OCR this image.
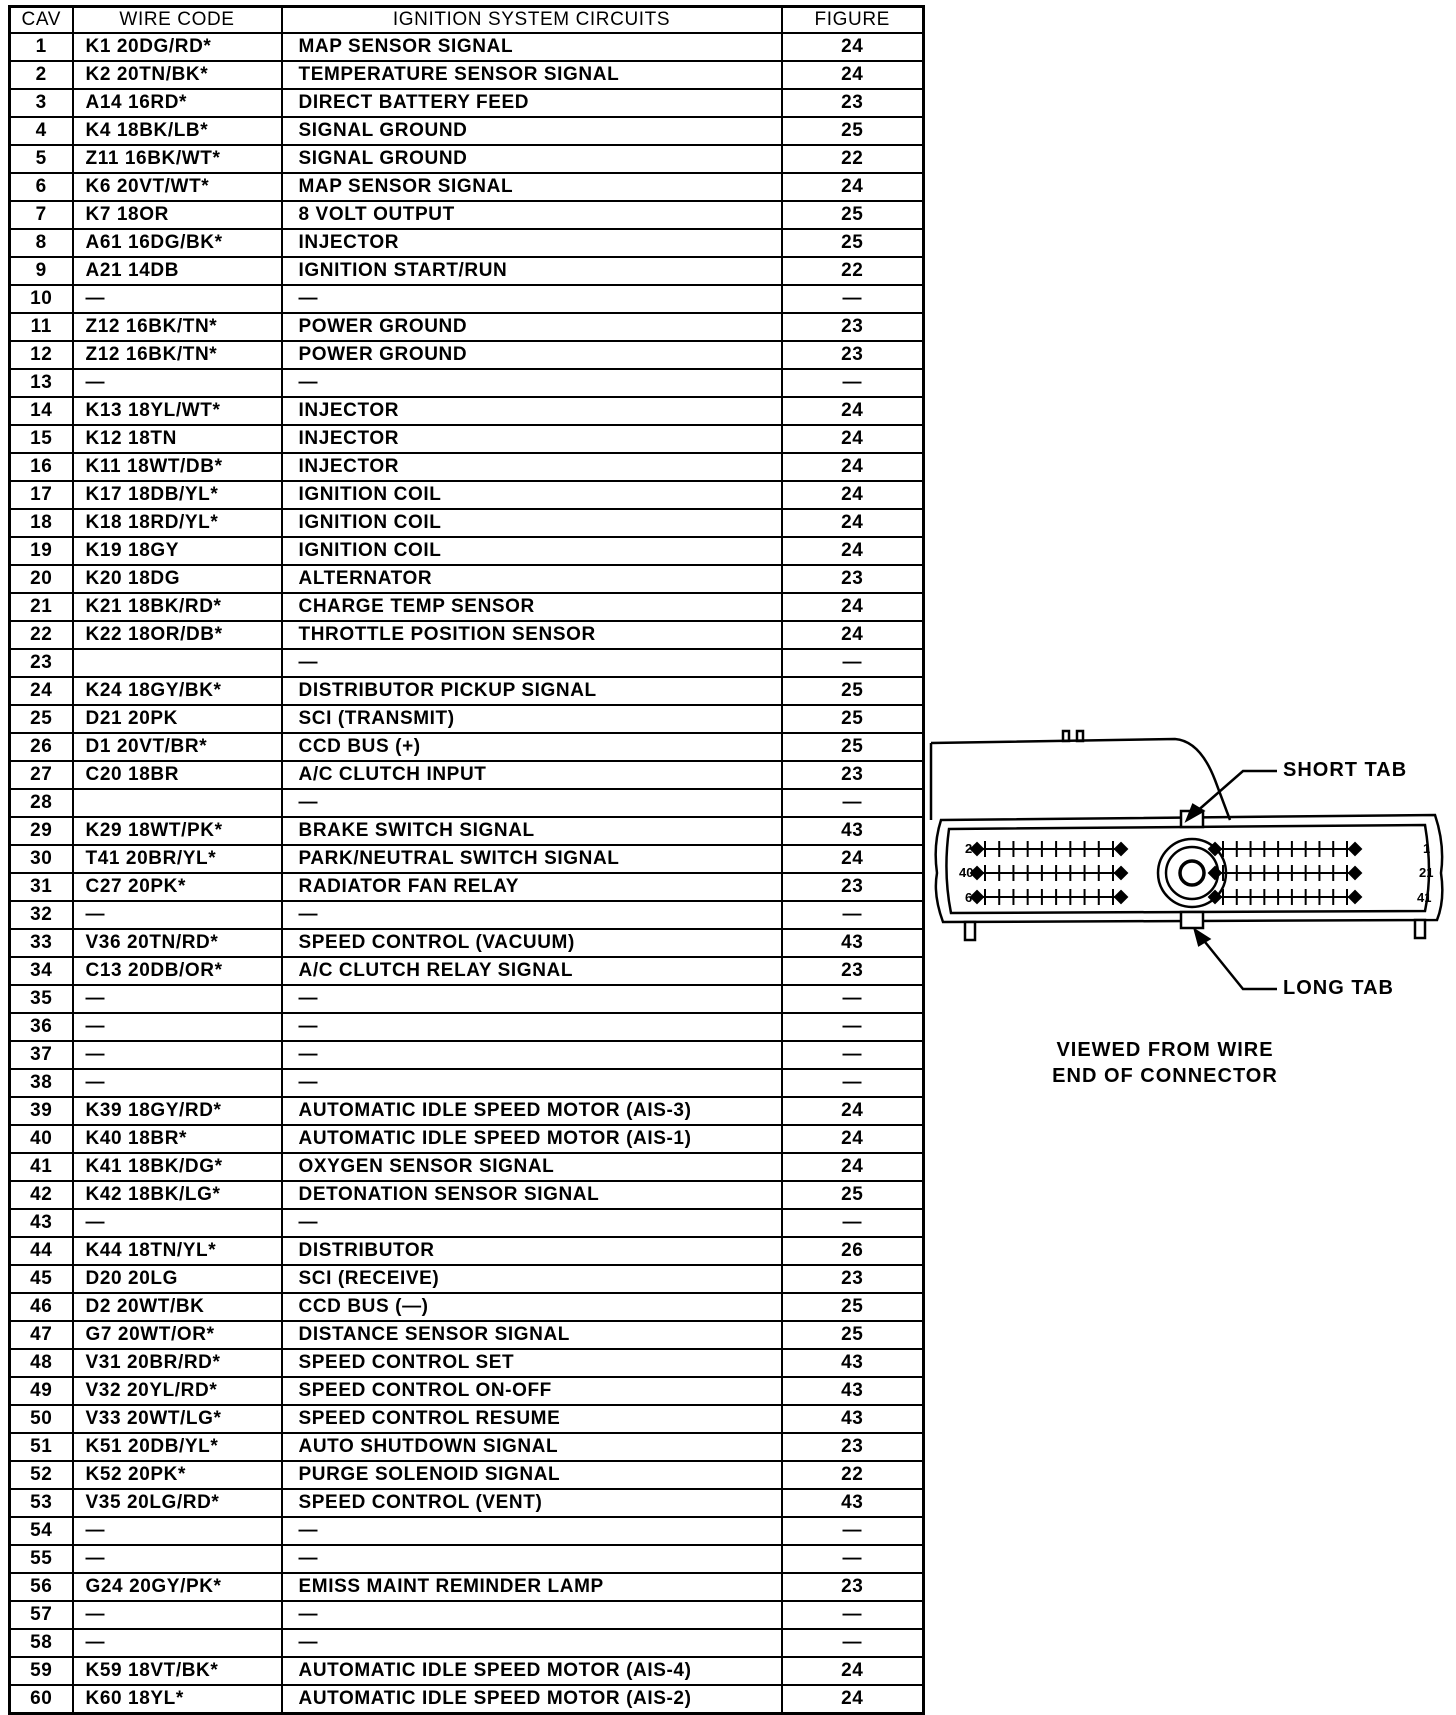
CAV	WIRE CODE	IGNITION SYSTEM CIRCUITS	FIGURE
1	K1 20DG/RD*	MAP SENSOR SIGNAL	24
2	K2 20TN/BK*	TEMPERATURE SENSOR SIGNAL	24
3	A14 16RD*	DIRECT BATTERY FEED	23
4	K4 18BK/LB*	SIGNAL GROUND	25
5	Z11 16BK/WT*	SIGNAL GROUND	22
6	K6 20VT/WT*	MAP SENSOR SIGNAL	24
7	K7 18OR	8 VOLT OUTPUT	25
8	A61 16DG/BK*	INJECTOR	25
9	A21 14DB	IGNITION START/RUN	22
10	—	—	—
11	Z12 16BK/TN*	POWER GROUND	23
12	Z12 16BK/TN*	POWER GROUND	23
13	—	—	—
14	K13 18YL/WT*	INJECTOR	24
15	K12 18TN	INJECTOR	24
16	K11 18WT/DB*	INJECTOR	24
17	K17 18DB/YL*	IGNITION COIL	24
18	K18 18RD/YL*	IGNITION COIL	24
19	K19 18GY	IGNITION COIL	24
20	K20 18DG	ALTERNATOR	23
21	K21 18BK/RD*	CHARGE TEMP SENSOR	24
22	K22 18OR/DB*	THROTTLE POSITION SENSOR	24
23		—	—
24	K24 18GY/BK*	DISTRIBUTOR PICKUP SIGNAL	25
25	D21 20PK	SCI (TRANSMIT)	25
26	D1 20VT/BR*	CCD BUS (+)	25
27	C20 18BR	A/C CLUTCH INPUT	23
28		—	—
29	K29 18WT/PK*	BRAKE SWITCH SIGNAL	43
30	T41 20BR/YL*	PARK/NEUTRAL SWITCH SIGNAL	24
31	C27 20PK*	RADIATOR FAN RELAY	23
32	—	—	—
33	V36 20TN/RD*	SPEED CONTROL (VACUUM)	43
34	C13 20DB/OR*	A/C CLUTCH RELAY SIGNAL	23
35	—	—	—
36	—	—	—
37	—	—	—
38	—	—	—
39	K39 18GY/RD*	AUTOMATIC IDLE SPEED MOTOR (AIS-3)	24
40	K40 18BR*	AUTOMATIC IDLE SPEED MOTOR (AIS-1)	24
41	K41 18BK/DG*	OXYGEN SENSOR SIGNAL	24
42	K42 18BK/LG*	DETONATION SENSOR SIGNAL	25
43	—	—	—
44	K44 18TN/YL*	DISTRIBUTOR	26
45	D20 20LG	SCI (RECEIVE)	23
46	D2 20WT/BK	CCD BUS (—)	25
47	G7 20WT/OR*	DISTANCE SENSOR SIGNAL	25
48	V31 20BR/RD*	SPEED CONTROL SET	43
49	V32 20YL/RD*	SPEED CONTROL ON-OFF	43
50	V33 20WT/LG*	SPEED CONTROL RESUME	43
51	K51 20DB/YL*	AUTO SHUTDOWN SIGNAL	23
52	K52 20PK*	PURGE SOLENOID SIGNAL	22
53	V35 20LG/RD*	SPEED CONTROL (VENT)	43
54	—	—	—
55	—	—	—
56	G24 20GY/PK*	EMISS MAINT REMINDER LAMP	23
57	—	—	—
58	—	—	—
59	K59 18VT/BK*	AUTOMATIC IDLE SPEED MOTOR (AIS-4)	24
60	K60 18YL*	AUTOMATIC IDLE SPEED MOTOR (AIS-2)	24
20
40
60
1
21
41
SHORT TAB
LONG TAB
VIEWED FROM WIRE
END OF CONNECTOR
